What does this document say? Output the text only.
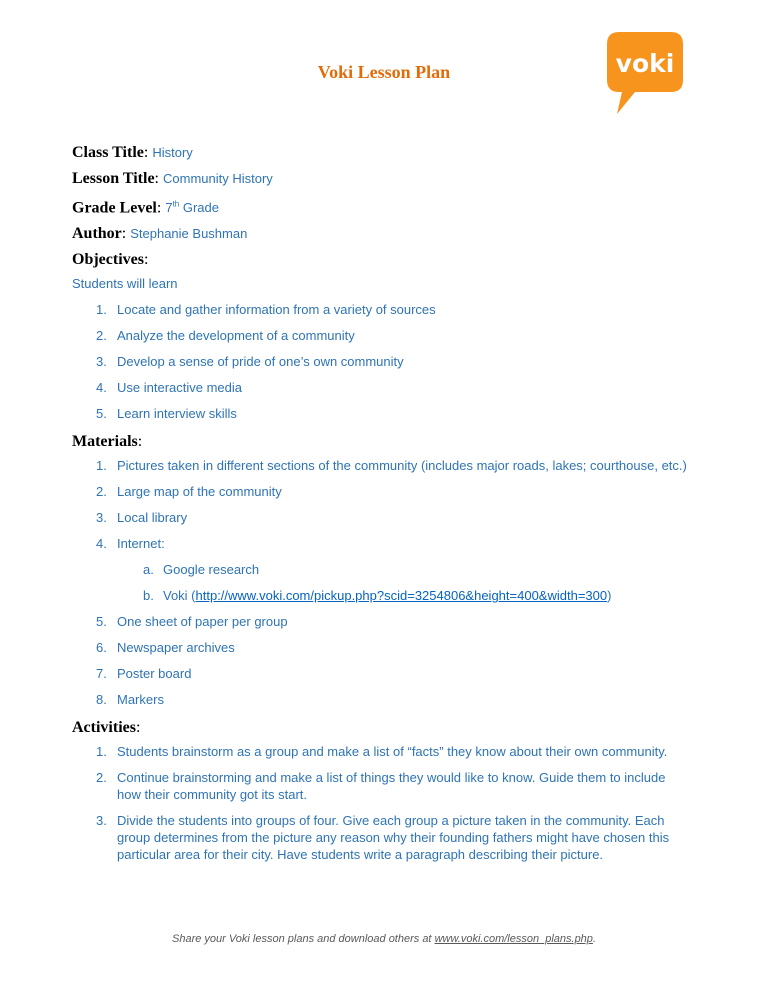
voki
Voki Lesson Plan
Class Title: History
Lesson Title: Community History
Grade Level: 7th Grade
Author: Stephanie Bushman
Objectives:
Students will learn
1. Locate and gather information from a variety of sources
2. Analyze the development of a community
3. Develop a sense of pride of one’s own community
4. Use interactive media
5. Learn interview skills
Materials:
1. Pictures taken in different sections of the community (includes major roads, lakes; courthouse, etc.)
2. Large map of the community
3. Local library
4. Internet:
a. Google research
b. Voki (http://www.voki.com/pickup.php?scid=3254806&height=400&width=300)
5. One sheet of paper per group
6. Newspaper archives
7. Poster board
8. Markers
Activities:
1. Students brainstorm as a group and make a list of “facts” they know about their own community.
2. Continue brainstorming and make a list of things they would like to know. Guide them to include how their community got its start.
3. Divide the students into groups of four. Give each group a picture taken in the community. Each group determines from the picture any reason why their founding fathers might have chosen this particular area for their city. Have students write a paragraph describing their picture.
Share your Voki lesson plans and download others at www.voki.com/lesson_plans.php.
